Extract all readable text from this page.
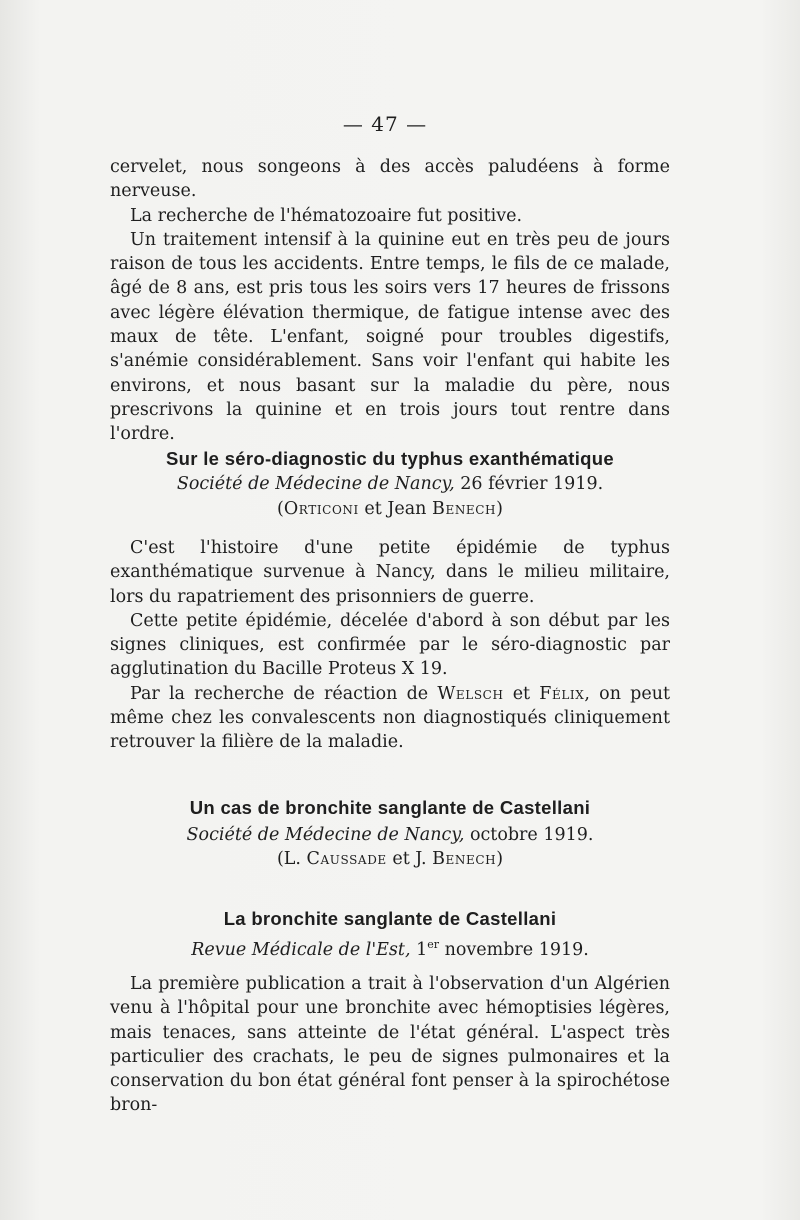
— 47 —

cervelet, nous songeons à des accès paludéens à forme nerveuse.

La recherche de l'hématozoaire fut positive.

Un traitement intensif à la quinine eut en très peu de jours raison de tous les accidents. Entre temps, le fils de ce malade, âgé de 8 ans, est pris tous les soirs vers 17 heures de frissons avec légère élévation thermique, de fatigue intense avec des maux de tête. L'enfant, soigné pour troubles digestifs, s'anémie considérablement. Sans voir l'enfant qui habite les environs, et nous basant sur la maladie du père, nous prescrivons la quinine et en trois jours tout rentre dans l'ordre.

Sur le séro-diagnostic du typhus exanthématique
Société de Médecine de Nancy, 26 février 1919.
(Orticoni et Jean Benech)

C'est l'histoire d'une petite épidémie de typhus exanthématique survenue à Nancy, dans le milieu militaire, lors du rapatriement des prisonniers de guerre.

Cette petite épidémie, décelée d'abord à son début par les signes cliniques, est confirmée par le séro-diagnostic par agglutination du Bacille Proteus X 19.

Par la recherche de réaction de Welsch et Félix, on peut même chez les convalescents non diagnostiqués cliniquement retrouver la filière de la maladie.

Un cas de bronchite sanglante de Castellani
Société de Médecine de Nancy, octobre 1919.
(L. Caussade et J. Benech)
La bronchite sanglante de Castellani
Revue Médicale de l'Est, 1er novembre 1919.

La première publication a trait à l'observation d'un Algérien venu à l'hôpital pour une bronchite avec hémoptisies légères, mais tenaces, sans atteinte de l'état général. L'aspect très particulier des crachats, le peu de signes pulmonaires et la conservation du bon état général font penser à la spirochétose bron-
